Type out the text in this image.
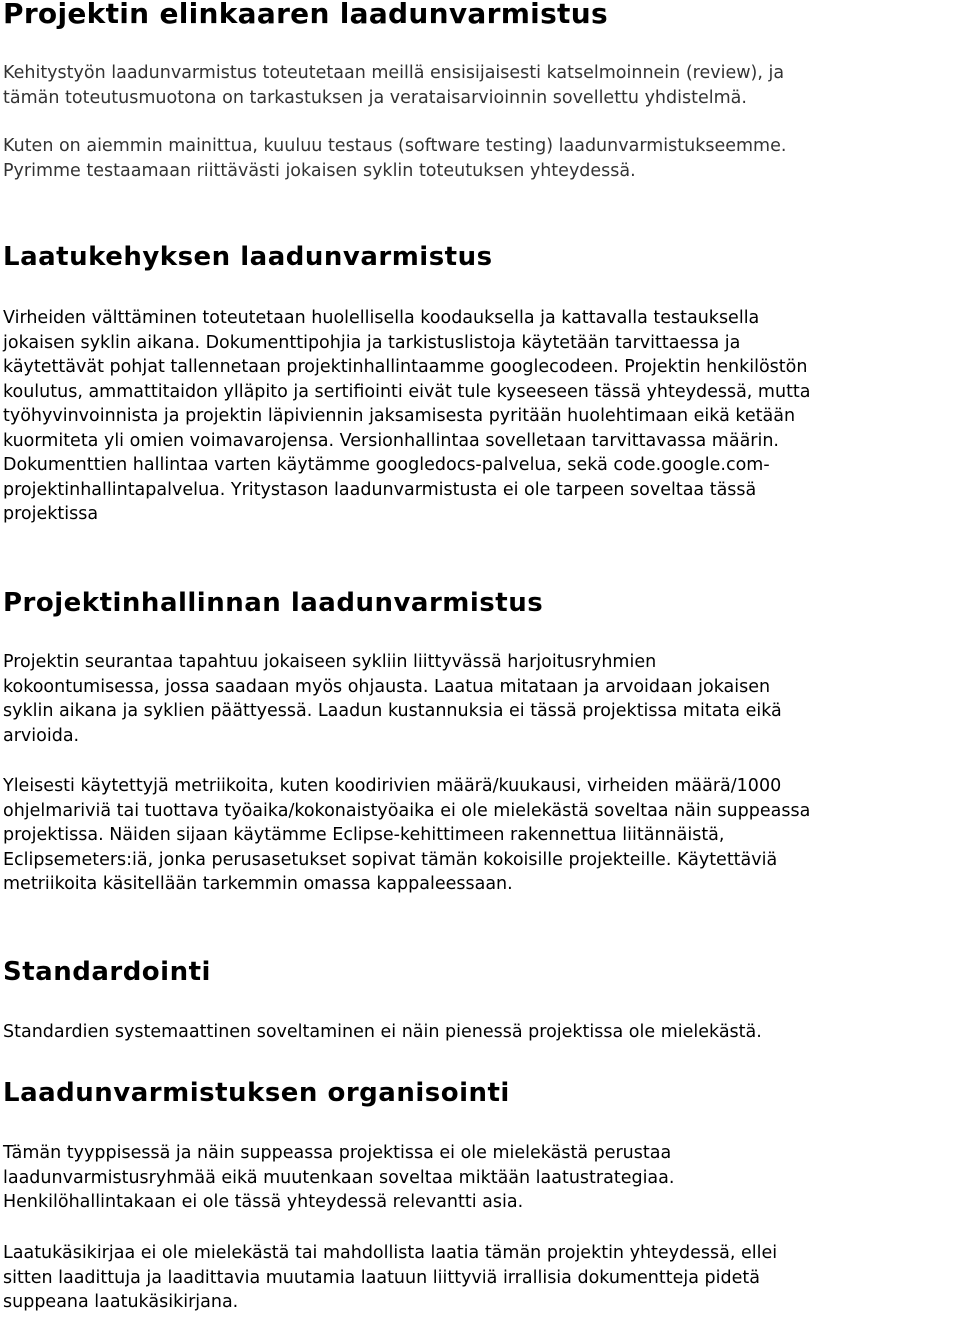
Projektin elinkaaren laadunvarmistus

Kehitystyön laadunvarmistus toteutetaan meillä ensisijaisesti katselmoinnein (review), ja
tämän toteutusmuotona on tarkastuksen ja verataisarvioinnin sovellettu yhdistelmä.

Kuten on aiemmin mainittua, kuuluu testaus (software testing) laadunvarmistukseemme.
Pyrimme testaamaan riittävästi jokaisen syklin toteutuksen yhteydessä.

Laatukehyksen laadunvarmistus

Virheiden välttäminen toteutetaan huolellisella koodauksella ja kattavalla testauksella
jokaisen syklin aikana. Dokumenttipohjia ja tarkistuslistoja käytetään tarvittaessa ja
käytettävät pohjat tallennetaan projektinhallintaamme googlecodeen. Projektin henkilöstön
koulutus, ammattitaidon ylläpito ja sertifiointi eivät tule kyseeseen tässä yhteydessä, mutta
työhyvinvoinnista ja projektin läpiviennin jaksamisesta pyritään huolehtimaan eikä ketään
kuormiteta yli omien voimavarojensa. Versionhallintaa sovelletaan tarvittavassa määrin.
Dokumenttien hallintaa varten käytämme googledocs-palvelua, sekä code.google.com-
projektinhallintapalvelua. Yritystason laadunvarmistusta ei ole tarpeen soveltaa tässä
projektissa

Projektinhallinnan laadunvarmistus

Projektin seurantaa tapahtuu jokaiseen sykliin liittyvässä harjoitusryhmien
kokoontumisessa, jossa saadaan myös ohjausta. Laatua mitataan ja arvoidaan jokaisen
syklin aikana ja syklien päättyessä. Laadun kustannuksia ei tässä projektissa mitata eikä
arvioida.

Yleisesti käytettyjä metriikoita, kuten koodirivien määrä/kuukausi, virheiden määrä/1000
ohjelmariviä tai tuottava työaika/kokonaistyöaika ei ole mielekästä soveltaa näin suppeassa
projektissa. Näiden sijaan käytämme Eclipse-kehittimeen rakennettua liitännäistä,
Eclipsemeters:iä, jonka perusasetukset sopivat tämän kokoisille projekteille. Käytettäviä
metriikoita käsitellään tarkemmin omassa kappaleessaan.

Standardointi

Standardien systemaattinen soveltaminen ei näin pienessä projektissa ole mielekästä.

Laadunvarmistuksen organisointi

Tämän tyyppisessä ja näin suppeassa projektissa ei ole mielekästä perustaa
laadunvarmistusryhmää eikä muutenkaan soveltaa miktään laatustrategiaa.
Henkilöhallintakaan ei ole tässä yhteydessä relevantti asia.

Laatukäsikirjaa ei ole mielekästä tai mahdollista laatia tämän projektin yhteydessä, ellei
sitten laadittuja ja laadittavia muutamia laatuun liittyviä irrallisia dokumentteja pidetä
suppeana laatukäsikirjana.
